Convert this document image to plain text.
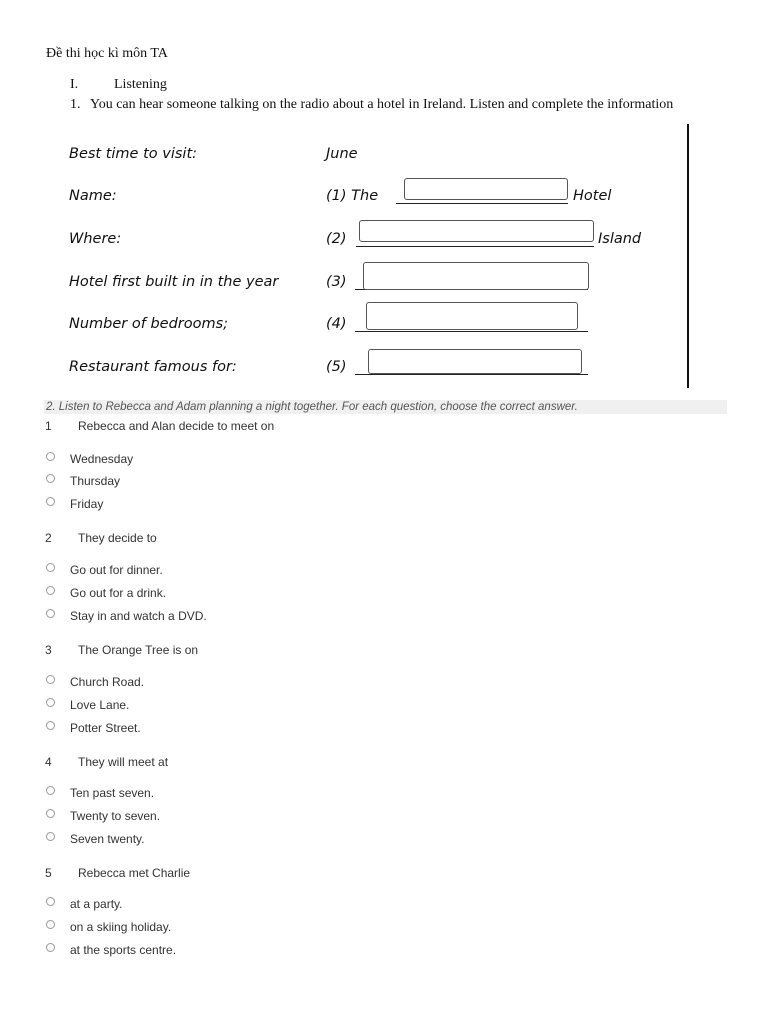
Đề thi học kì môn TA
I.	Listening
1. You can hear someone talking on the radio about a hotel in Ireland. Listen and complete the information
Best time to visit:	June
Name:	(1) The	Hotel
Where:	(2)	Island
Hotel first built in in the year	(3)
Number of bedrooms;	(4)
Restaurant famous for:	(5)
2. Listen to Rebecca and Adam planning a night together. For each question, choose the correct answer.
1	Rebecca and Alan decide to meet on
Wednesday
Thursday
Friday
2	They decide to
Go out for dinner.
Go out for a drink.
Stay in and watch a DVD.
3	The Orange Tree is on
Church Road.
Love Lane.
Potter Street.
4	They will meet at
Ten past seven.
Twenty to seven.
Seven twenty.
5	Rebecca met Charlie
at a party.
on a skiing holiday.
at the sports centre.
